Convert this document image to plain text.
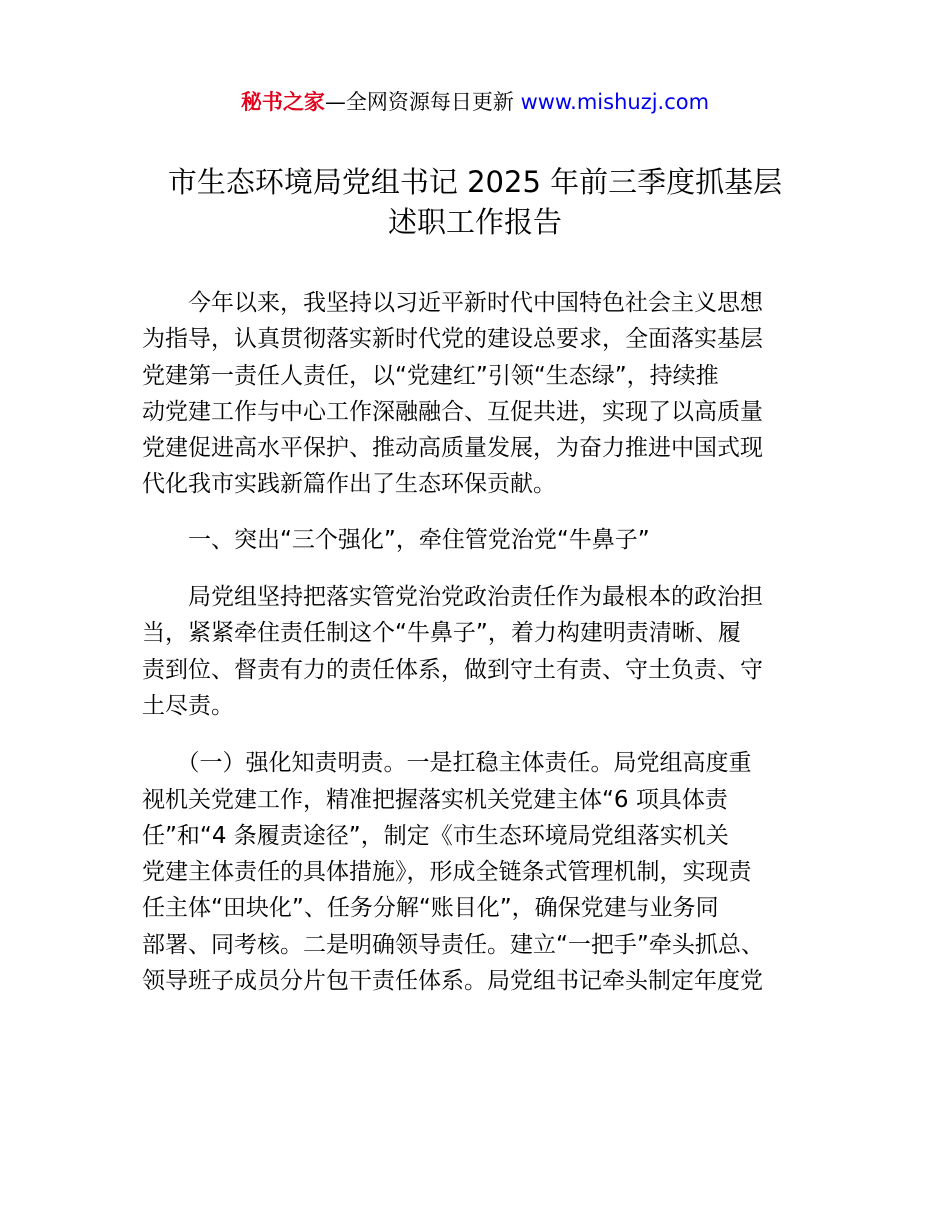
秘书之家—全网资源每日更新 www.mishuzj.com
市生态环境局党组书记 2025 年前三季度抓基层
述职工作报告

　　今年以来，我坚持以习近平新时代中国特色社会主义思想
为指导，认真贯彻落实新时代党的建设总要求，全面落实基层
党建第一责任人责任，以“党建红”引领“生态绿”，持续推
动党建工作与中心工作深融融合、互促共进，实现了以高质量
党建促进高水平保护、推动高质量发展，为奋力推进中国式现
代化我市实践新篇作出了生态环保贡献。

　　一、突出“三个强化”，牵住管党治党“牛鼻子”

　　局党组坚持把落实管党治党政治责任作为最根本的政治担
当，紧紧牵住责任制这个“牛鼻子”，着力构建明责清晰、履
责到位、督责有力的责任体系，做到守土有责、守土负责、守
土尽责。

　　（一）强化知责明责。一是扛稳主体责任。局党组高度重
视机关党建工作，精准把握落实机关党建主体“6 项具体责
任”和“4 条履责途径”，制定《市生态环境局党组落实机关
党建主体责任的具体措施》，形成全链条式管理机制，实现责
任主体“田块化”、任务分解“账目化”，确保党建与业务同
部署、同考核。二是明确领导责任。建立“一把手”牵头抓总、
领导班子成员分片包干责任体系。局党组书记牵头制定年度党
